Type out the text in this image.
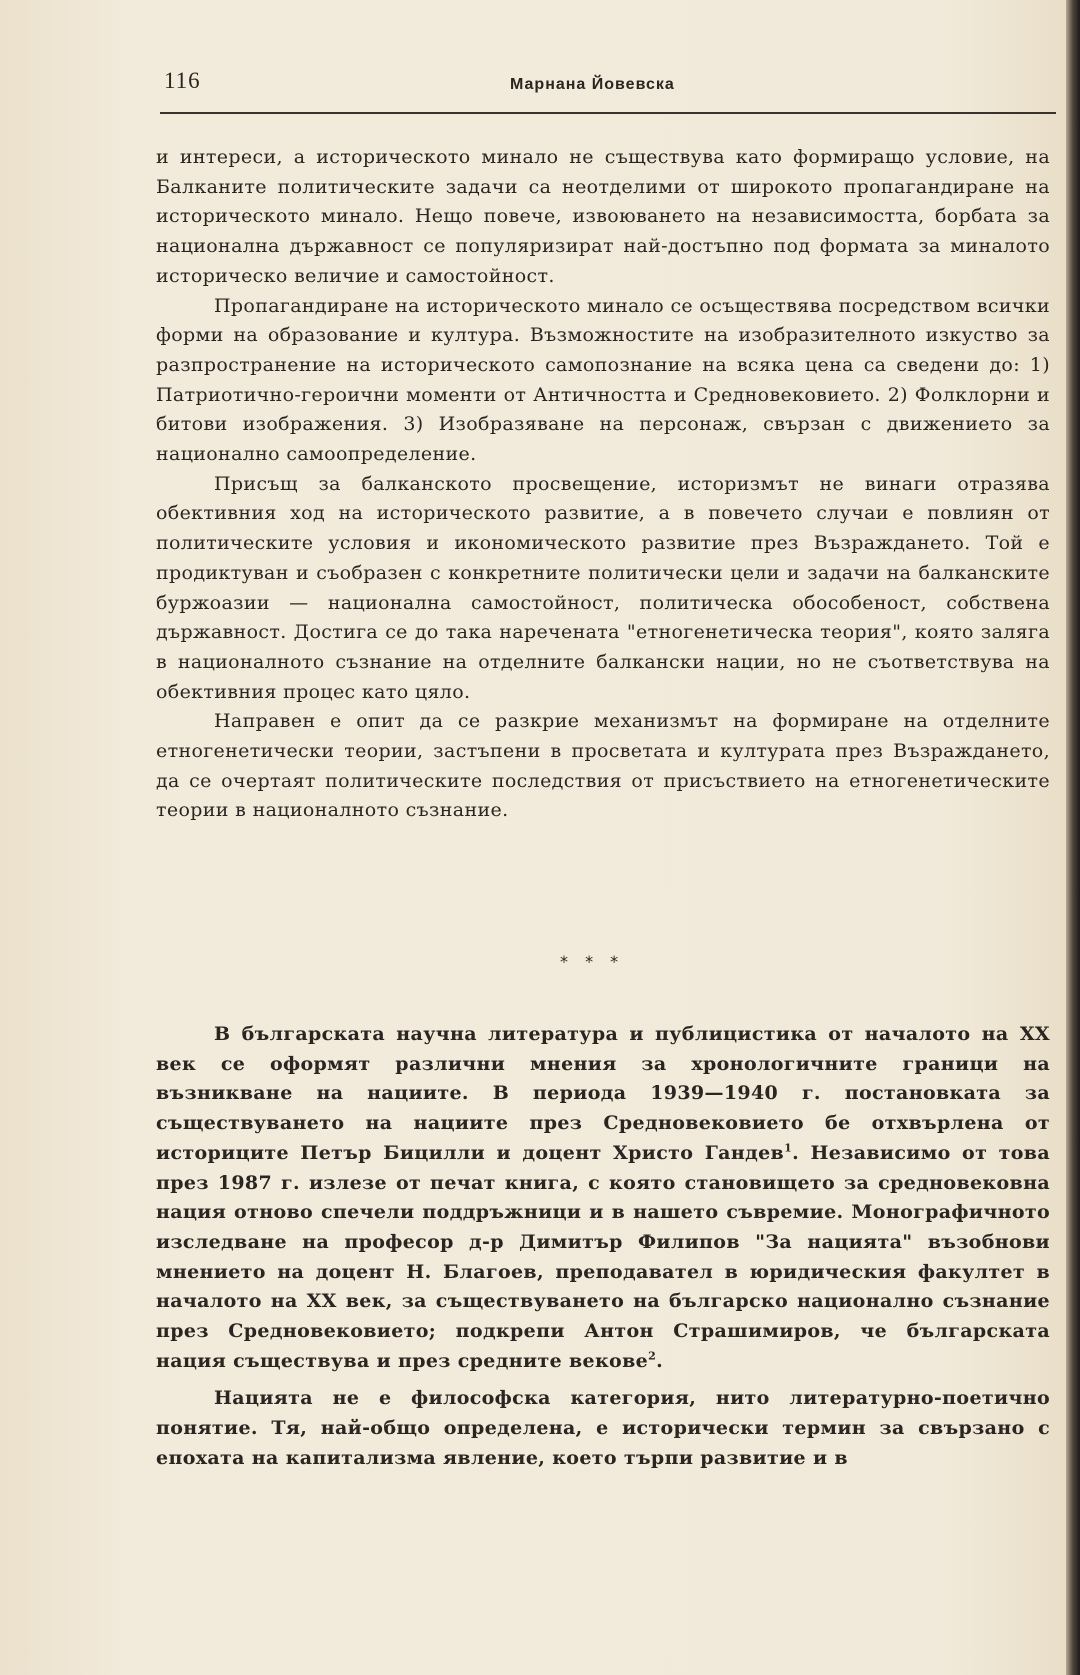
116	Марнана Йовевска

и интереси, а историческото минало не съществува като формиращо условие, на Балканите политическите задачи са неотделими от широкото пропагандиране на историческото минало. Нещо повече, извоюването на независимостта, борбата за национална държавност се популяризират най-достъпно под формата за миналото историческо величие и самостойност.

Пропагандиране на историческото минало се осъществява посредством всички форми на образование и култура. Възможностите на изобразителното изкуство за разпространение на историческото самопознание на всяка цена са сведени до: 1) Патриотично-героични моменти от Античността и Средновековието. 2) Фолклорни и битови изображения. 3) Изобразяване на персонаж, свързан с движението за национално самоопределение.

Присъщ за балканското просвещение, историзмът не винаги отразява обективния ход на историческото развитие, а в повечето случаи е повлиян от политическите условия и икономическото развитие през Възраждането. Той е продиктуван и съобразен с конкретните политически цели и задачи на балканските буржоазии — национална самостойност, политическа обособеност, собствена държавност. Достига се до така наречената "етногенетическа теория", която залягa в националното съзнание на отделните балкански нации, но не съответствува на обективния процес като цяло.

Направен е опит да се разкрие механизмът на формиране на отделните етногенетически теории, застъпени в просветата и културата през Възраждането, да се очертаят политическите последствия от присъствието на етногенетическите теории в националното съзнание.

* * *

В българската научна литература и публицистика от началото на XX век се оформят различни мнения за хронологичните граници на възникване на нациите. В периода 1939—1940 г. постановката за съществуването на нациите през Средновековието бе отхвърлена от историците Петър Бицилли и доцент Христо Гандев$^1$. Независимо от това през 1987 г. излезе от печат книга, с която становището за средновековна нация отново спечели поддръжници и в нашето съвремие. Монографичното изследване на професор д-р Димитър Филипов "За нацията" възобнови мнението на доцент Н. Благоев, преподавател в юридическия факултет в началото на XX век, за съществуването на българско национално съзнание през Средновековието; подкрепи Антон Страшимиров, че българската нация съществува и през средните векове$^2$.

Нацията не е философска категория, нито литературно-поетично понятие. Тя, най-общо определена, е исторически термин за свързано с епохата на капитализма явление, което търпи развитие и в
